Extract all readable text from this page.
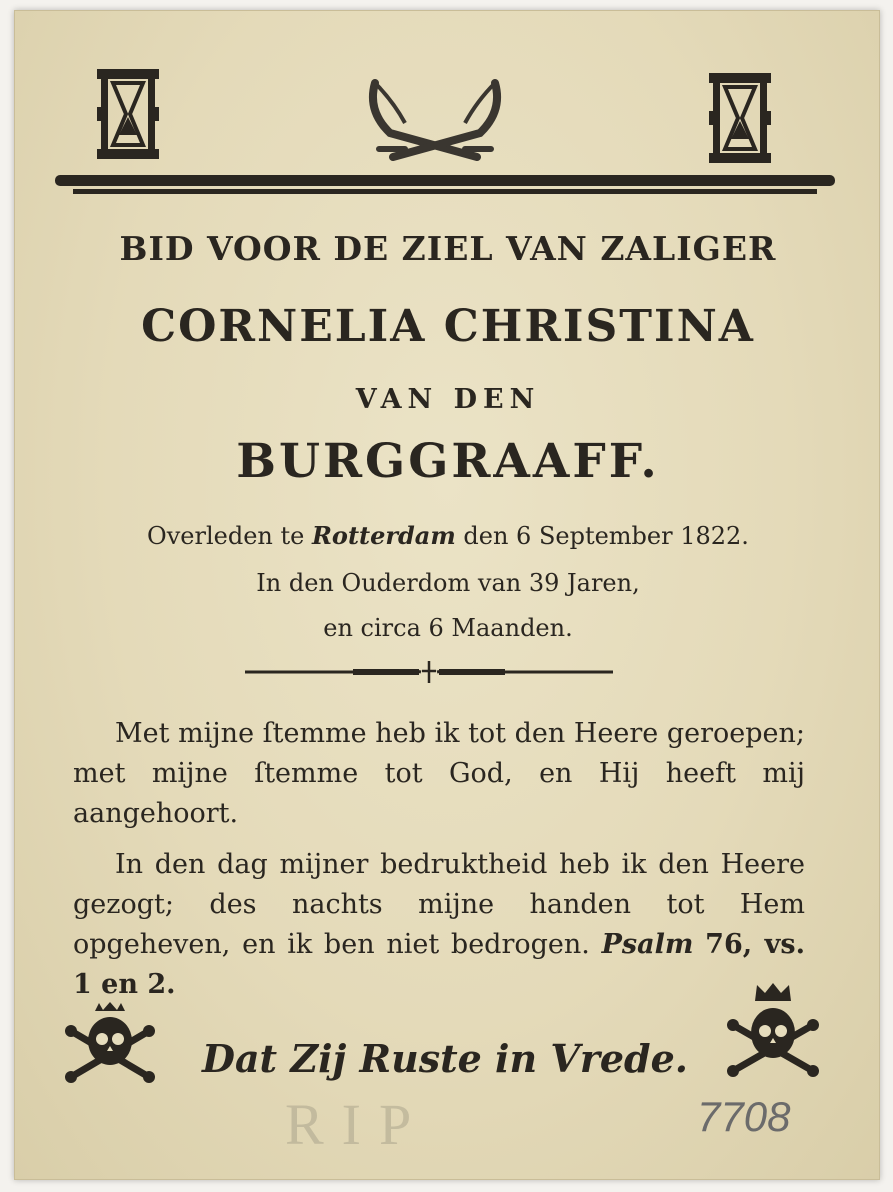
BID VOOR DE ZIEL VAN ZALIGER

CORNELIA CHRISTINA

VAN DEN

BURGGRAAFF.

Overleden te Rotterdam den 6 September 1822.

In den Ouderdom van 39 Jaren,

en circa 6 Maanden.

Met mijne ſtemme heb ik tot den Heere geroepen; met mijne ſtemme tot God, en Hij heeft mij aangehoort.

In den dag mijner bedruktheid heb ik den Heere gezogt; des nachts mijne handen tot Hem opgeheven, en ik ben niet bedrogen. Psalm 76, vs. 1 en 2.

Dat Zij Ruste in Vrede.

RIP	7708
